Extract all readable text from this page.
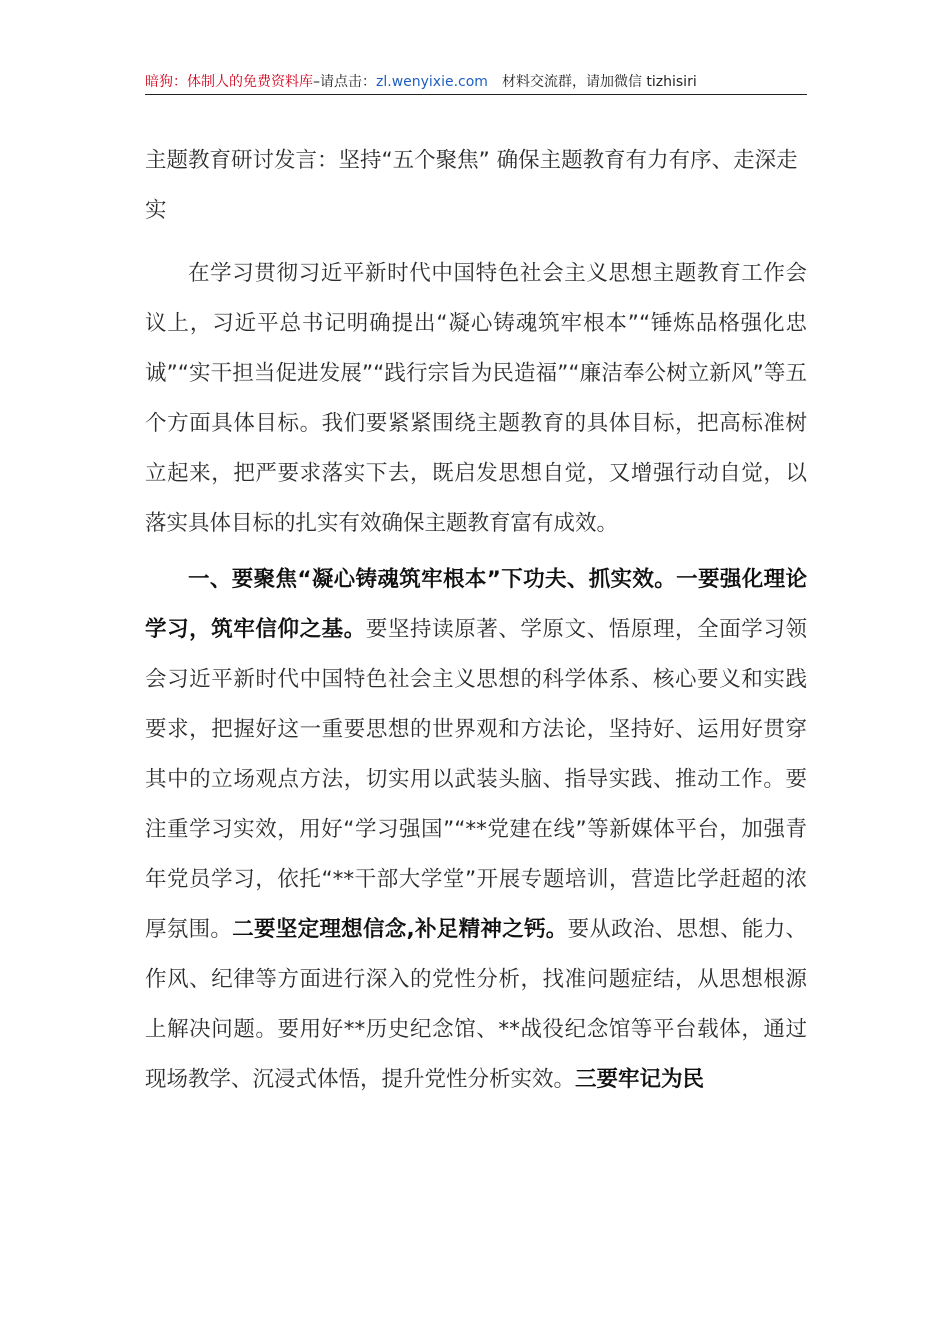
暗狗：体制人的免费资料库–请点击：zl.wenyixie.com 材料交流群，请加微信 tizhisiri
主题教育研讨发言：坚持“五个聚焦” 确保主题教育有力有序、走深走实

在学习贯彻习近平新时代中国特色社会主义思想主题教育工作会议上，习近平总书记明确提出“凝心铸魂筑牢根本”“锤炼品格强化忠诚”“实干担当促进发展”“践行宗旨为民造福”“廉洁奉公树立新风”等五个方面具体目标。我们要紧紧围绕主题教育的具体目标，把高标准树立起来，把严要求落实下去，既启发思想自觉，又增强行动自觉，以落实具体目标的扎实有效确保主题教育富有成效。

一、要聚焦“凝心铸魂筑牢根本”下功夫、抓实效。一要强化理论学习，筑牢信仰之基。要坚持读原著、学原文、悟原理，全面学习领会习近平新时代中国特色社会主义思想的科学体系、核心要义和实践要求，把握好这一重要思想的世界观和方法论，坚持好、运用好贯穿其中的立场观点方法，切实用以武装头脑、指导实践、推动工作。要注重学习实效，用好“学习强国”“**党建在线”等新媒体平台，加强青年党员学习，依托“**干部大学堂”开展专题培训，营造比学赶超的浓厚氛围。二要坚定理想信念,补足精神之钙。要从政治、思想、能力、作风、纪律等方面进行深入的党性分析，找准问题症结，从思想根源上解决问题。要用好**历史纪念馆、**战役纪念馆等平台载体，通过现场教学、沉浸式体悟，提升党性分析实效。三要牢记为民
